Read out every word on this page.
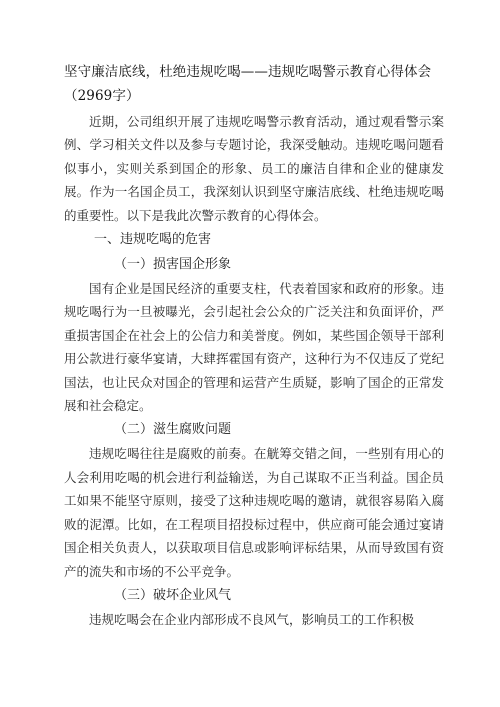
坚守廉洁底线，杜绝违规吃喝——违规吃喝警示教育心得体会（2969字）

近期，公司组织开展了违规吃喝警示教育活动，通过观看警示案例、学习相关文件以及参与专题讨论，我深受触动。违规吃喝问题看似事小，实则关系到国企的形象、员工的廉洁自律和企业的健康发展。作为一名国企员工，我深刻认识到坚守廉洁底线、杜绝违规吃喝的重要性。以下是我此次警示教育的心得体会。

一、违规吃喝的危害

（一）损害国企形象

国有企业是国民经济的重要支柱，代表着国家和政府的形象。违规吃喝行为一旦被曝光，会引起社会公众的广泛关注和负面评价，严重损害国企在社会上的公信力和美誉度。例如，某些国企领导干部利用公款进行豪华宴请，大肆挥霍国有资产，这种行为不仅违反了党纪国法，也让民众对国企的管理和运营产生质疑，影响了国企的正常发展和社会稳定。

（二）滋生腐败问题

违规吃喝往往是腐败的前奏。在觥筹交错之间，一些别有用心的人会利用吃喝的机会进行利益输送，为自己谋取不正当利益。国企员工如果不能坚守原则，接受了这种违规吃喝的邀请，就很容易陷入腐败的泥潭。比如，在工程项目招投标过程中，供应商可能会通过宴请国企相关负责人，以获取项目信息或影响评标结果，从而导致国有资产的流失和市场的不公平竞争。

（三）破坏企业风气

违规吃喝会在企业内部形成不良风气，影响员工的工作积极
